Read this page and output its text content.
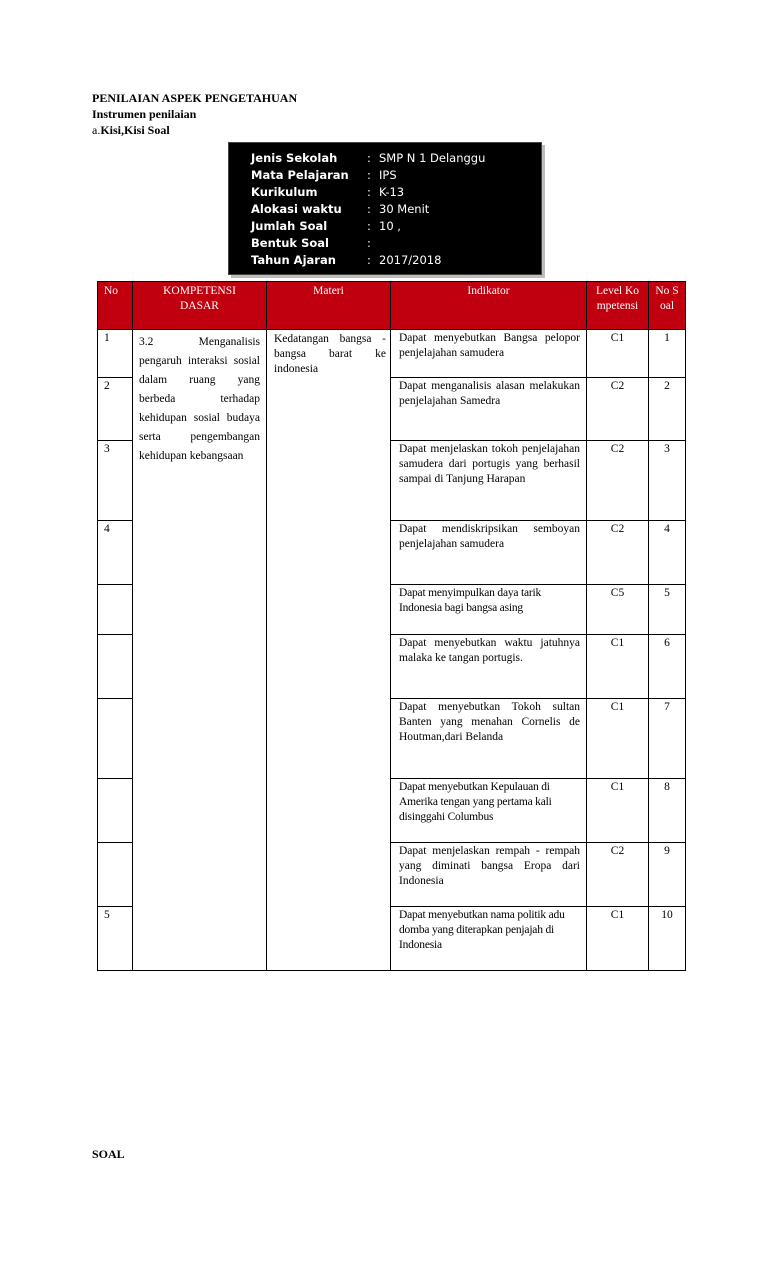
PENILAIAN ASPEK PENGETAHUAN
Instrumen penilaian
a.Kisi,Kisi Soal
Jenis Sekolah	:	SMP N 1 Delanggu
Mata Pelajaran	:	IPS
Kurikulum	:	K-13
Alokasi waktu	:	30 Menit
Jumlah Soal	:	10 ,
Bentuk Soal	:	
Tahun Ajaran	:	2017/2018
No	KOMPETENSI DASAR	Materi	Indikator	Level Kompetensi	No Soal
1	3.2 Menganalisis pengaruh interaksi sosial dalam ruang yang berbeda terhadap kehidupan sosial budaya serta pengembangan kehidupan kebangsaan	Kedatangan bangsa - bangsa barat ke indonesia	Dapat menyebutkan Bangsa pelopor penjelajahan samudera	C1	1
2			Dapat menganalisis alasan melakukan penjelajahan Samedra	C2	2
3			Dapat menjelaskan tokoh penjelajahan samudera dari portugis yang berhasil sampai di Tanjung Harapan	C2	3
4			Dapat mendiskripsikan semboyan penjelajahan samudera	C2	4
			Dapat menyimpulkan daya tarik Indonesia bagi bangsa asing	C5	5
			Dapat menyebutkan waktu jatuhnya malaka ke tangan portugis.	C1	6
			Dapat menyebutkan Tokoh sultan Banten yang menahan Cornelis de Houtman,dari Belanda	C1	7
			Dapat menyebutkan Kepulauan di Amerika tengan yang pertama kali disinggahi Columbus	C1	8
			Dapat menjelaskan rempah - rempah yang diminati bangsa Eropa dari Indonesia	C2	9
5			Dapat menyebutkan nama politik adu domba yang diterapkan penjajah di Indonesia	C1	10
SOAL
